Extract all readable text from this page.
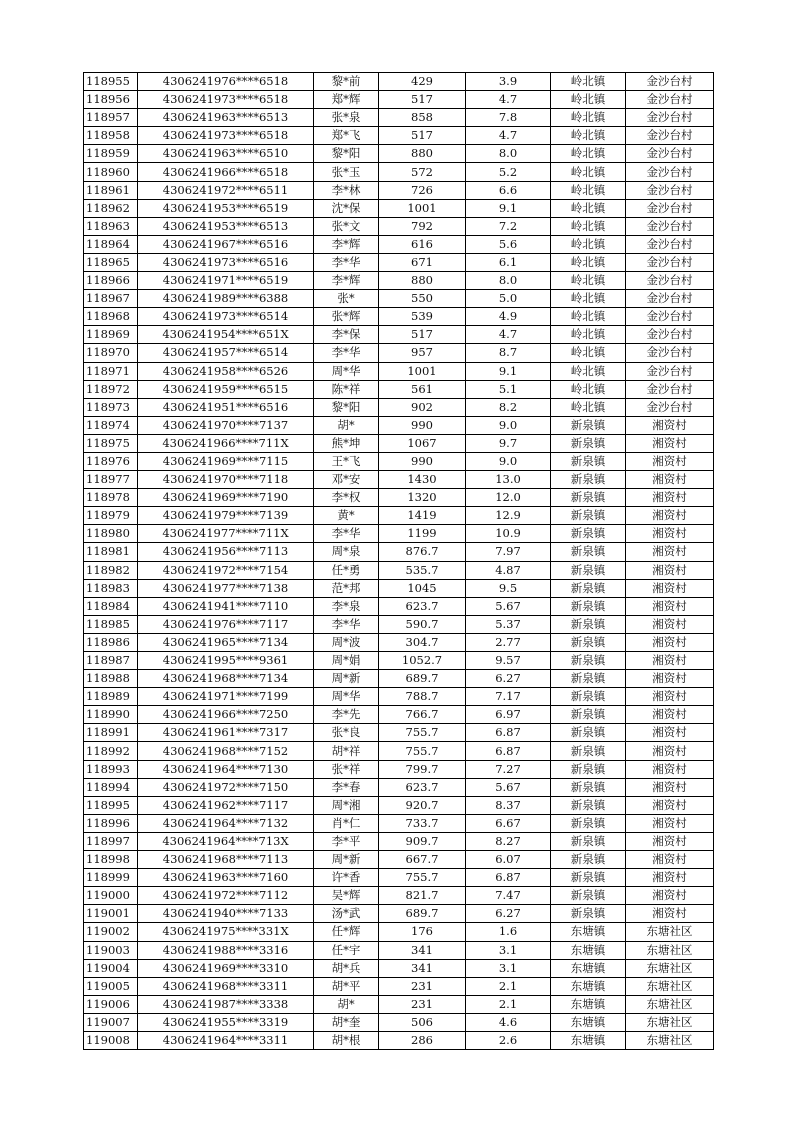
118955	4306241976****6518	黎*前	429	3.9	岭北镇	金沙台村
118956	4306241973****6518	郑*辉	517	4.7	岭北镇	金沙台村
118957	4306241963****6513	张*泉	858	7.8	岭北镇	金沙台村
118958	4306241973****6518	郑*飞	517	4.7	岭北镇	金沙台村
118959	4306241963****6510	黎*阳	880	8.0	岭北镇	金沙台村
118960	4306241966****6518	张*玉	572	5.2	岭北镇	金沙台村
118961	4306241972****6511	李*林	726	6.6	岭北镇	金沙台村
118962	4306241953****6519	沈*保	1001	9.1	岭北镇	金沙台村
118963	4306241953****6513	张*文	792	7.2	岭北镇	金沙台村
118964	4306241967****6516	李*辉	616	5.6	岭北镇	金沙台村
118965	4306241973****6516	李*华	671	6.1	岭北镇	金沙台村
118966	4306241971****6519	李*辉	880	8.0	岭北镇	金沙台村
118967	4306241989****6388	张*	550	5.0	岭北镇	金沙台村
118968	4306241973****6514	张*辉	539	4.9	岭北镇	金沙台村
118969	4306241954****651X	李*保	517	4.7	岭北镇	金沙台村
118970	4306241957****6514	李*华	957	8.7	岭北镇	金沙台村
118971	4306241958****6526	周*华	1001	9.1	岭北镇	金沙台村
118972	4306241959****6515	陈*祥	561	5.1	岭北镇	金沙台村
118973	4306241951****6516	黎*阳	902	8.2	岭北镇	金沙台村
118974	4306241970****7137	胡*	990	9.0	新泉镇	湘资村
118975	4306241966****711X	熊*坤	1067	9.7	新泉镇	湘资村
118976	4306241969****7115	王*飞	990	9.0	新泉镇	湘资村
118977	4306241970****7118	邓*安	1430	13.0	新泉镇	湘资村
118978	4306241969****7190	李*权	1320	12.0	新泉镇	湘资村
118979	4306241979****7139	黄*	1419	12.9	新泉镇	湘资村
118980	4306241977****711X	李*华	1199	10.9	新泉镇	湘资村
118981	4306241956****7113	周*泉	876.7	7.97	新泉镇	湘资村
118982	4306241972****7154	任*勇	535.7	4.87	新泉镇	湘资村
118983	4306241977****7138	范*邦	1045	9.5	新泉镇	湘资村
118984	4306241941****7110	李*泉	623.7	5.67	新泉镇	湘资村
118985	4306241976****7117	李*华	590.7	5.37	新泉镇	湘资村
118986	4306241965****7134	周*波	304.7	2.77	新泉镇	湘资村
118987	4306241995****9361	周*娟	1052.7	9.57	新泉镇	湘资村
118988	4306241968****7134	周*新	689.7	6.27	新泉镇	湘资村
118989	4306241971****7199	周*华	788.7	7.17	新泉镇	湘资村
118990	4306241966****7250	李*先	766.7	6.97	新泉镇	湘资村
118991	4306241961****7317	张*良	755.7	6.87	新泉镇	湘资村
118992	4306241968****7152	胡*祥	755.7	6.87	新泉镇	湘资村
118993	4306241964****7130	张*祥	799.7	7.27	新泉镇	湘资村
118994	4306241972****7150	李*春	623.7	5.67	新泉镇	湘资村
118995	4306241962****7117	周*湘	920.7	8.37	新泉镇	湘资村
118996	4306241964****7132	肖*仁	733.7	6.67	新泉镇	湘资村
118997	4306241964****713X	李*平	909.7	8.27	新泉镇	湘资村
118998	4306241968****7113	周*新	667.7	6.07	新泉镇	湘资村
118999	4306241963****7160	许*香	755.7	6.87	新泉镇	湘资村
119000	4306241972****7112	吴*辉	821.7	7.47	新泉镇	湘资村
119001	4306241940****7133	汤*武	689.7	6.27	新泉镇	湘资村
119002	4306241975****331X	任*辉	176	1.6	东塘镇	东塘社区
119003	4306241988****3316	任*宇	341	3.1	东塘镇	东塘社区
119004	4306241969****3310	胡*兵	341	3.1	东塘镇	东塘社区
119005	4306241968****3311	胡*平	231	2.1	东塘镇	东塘社区
119006	4306241987****3338	胡*	231	2.1	东塘镇	东塘社区
119007	4306241955****3319	胡*奎	506	4.6	东塘镇	东塘社区
119008	4306241964****3311	胡*根	286	2.6	东塘镇	东塘社区
